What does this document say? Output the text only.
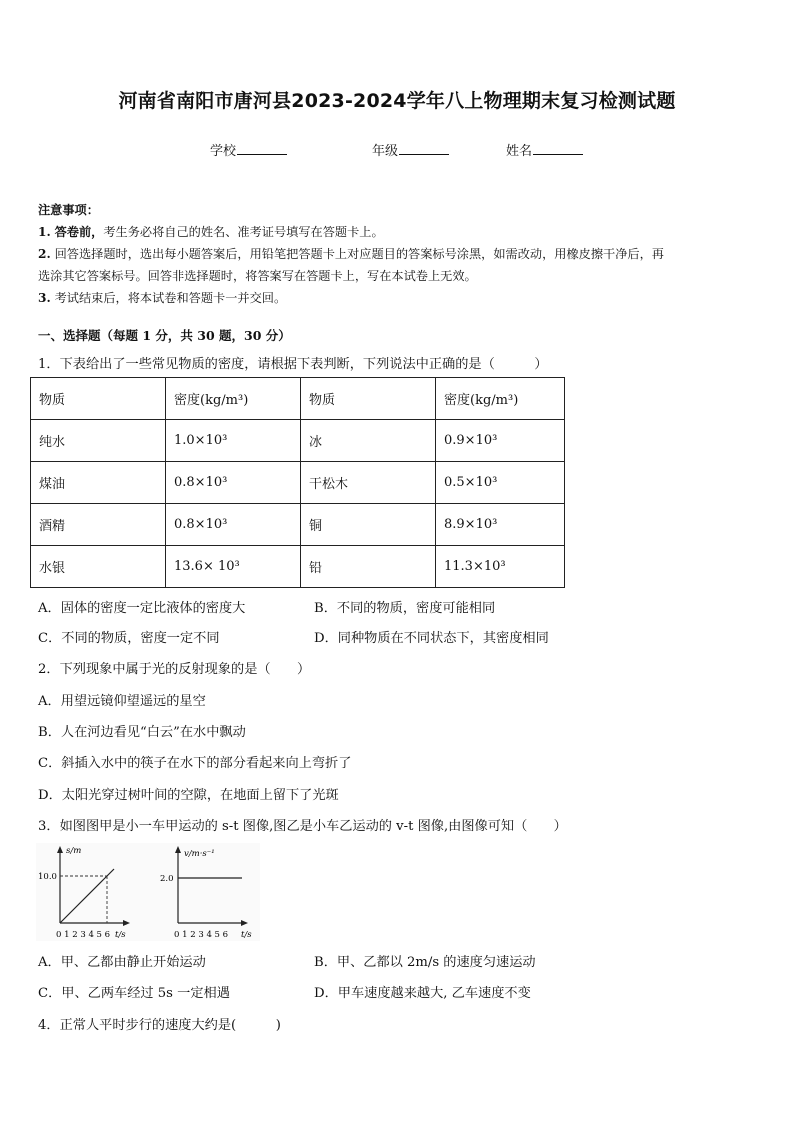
河南省南阳市唐河县2023-2024学年八上物理期末复习检测试题
学校	年级	姓名
注意事项：
1. 答卷前，考生务必将自己的姓名、准考证号填写在答题卡上。
2. 回答选择题时，选出每小题答案后，用铅笔把答题卡上对应题目的答案标号涂黑，如需改动，用橡皮擦干净后，再
选涂其它答案标号。回答非选择题时，将答案写在答题卡上，写在本试卷上无效。
3. 考试结束后，将本试卷和答题卡一并交回。
一、选择题（每题 1 分，共 30 题，30 分）
1．下表给出了一些常见物质的密度，请根据下表判断，下列说法中正确的是（　　　）
物质	密度(kg/m³)	物质	密度(kg/m³)
纯水	1.0×10³	冰	0.9×10³
煤油	0.8×10³	干松木	0.5×10³
酒精	0.8×10³	铜	8.9×10³
水银	13.6× 10³	铅	11.3×10³
A．固体的密度一定比液体的密度大	B．不同的物质，密度可能相同
C．不同的物质，密度一定不同	D．同种物质在不同状态下，其密度相同
2．下列现象中属于光的反射现象的是（　　）
A．用望远镜仰望遥远的星空
B．人在河边看见“白云”在水中飘动
C．斜插入水中的筷子在水下的部分看起来向上弯折了
D．太阳光穿过树叶间的空隙，在地面上留下了光斑
3．如图图甲是小一车甲运动的 s-t 图像,图乙是小车乙运动的 v-t 图像,由图像可知（　　）
s/m
10.0
0 1 2 3 4 5 6 t/s
v/m·s⁻¹
2.0
0 1 2 3 4 5 6 t/s
A．甲、乙都由静止开始运动	B．甲、乙都以 2m/s 的速度匀速运动
C．甲、乙两车经过 5s 一定相遇	D．甲车速度越来越大, 乙车速度不变
4．正常人平时步行的速度大约是(　　　)
